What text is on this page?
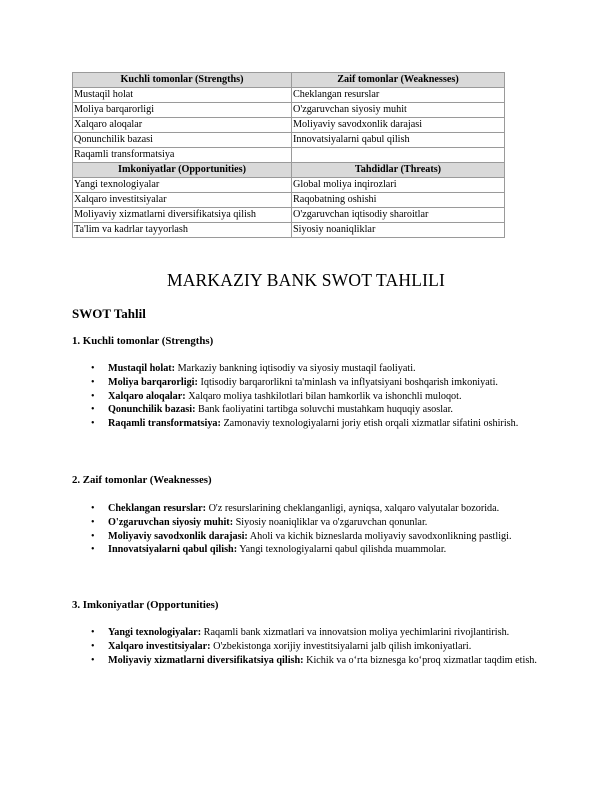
Kuchli tomonlar (Strengths)	Zaif tomonlar (Weaknesses)
Mustaqil holat	Cheklangan resurslar
Moliya barqarorligi	O'zgaruvchan siyosiy muhit
Xalqaro aloqalar	Moliyaviy savodxonlik darajasi
Qonunchilik bazasi	Innovatsiyalarni qabul qilish
Raqamli transformatsiya	
Imkoniyatlar (Opportunities)	Tahdidlar (Threats)
Yangi texnologiyalar	Global moliya inqirozlari
Xalqaro investitsiyalar	Raqobatning oshishi
Moliyaviy xizmatlarni diversifikatsiya qilish	O'zgaruvchan iqtisodiy sharoitlar
Ta'lim va kadrlar tayyorlash	Siyosiy noaniqliklar
MARKAZIY BANK SWOT TAHLILI
SWOT Tahlil
1. Kuchli tomonlar (Strengths)
• Mustaqil holat: Markaziy bankning iqtisodiy va siyosiy mustaqil faoliyati.
• Moliya barqarorligi: Iqtisodiy barqarorlikni ta'minlash va inflyatsiyani boshqarish imkoniyati.
• Xalqaro aloqalar: Xalqaro moliya tashkilotlari bilan hamkorlik va ishonchli muloqot.
• Qonunchilik bazasi: Bank faoliyatini tartibga soluvchi mustahkam huquqiy asoslar.
• Raqamli transformatsiya: Zamonaviy texnologiyalarni joriy etish orqali xizmatlar sifatini oshirish.
2. Zaif tomonlar (Weaknesses)
• Cheklangan resurslar: O'z resurslarining cheklanganligi, ayniqsa, xalqaro valyutalar bozorida.
• O'zgaruvchan siyosiy muhit: Siyosiy noaniqliklar va o'zgaruvchan qonunlar.
• Moliyaviy savodxonlik darajasi: Aholi va kichik bizneslarda moliyaviy savodxonlikning pastligi.
• Innovatsiyalarni qabul qilish: Yangi texnologiyalarni qabul qilishda muammolar.
3. Imkoniyatlar (Opportunities)
• Yangi texnologiyalar: Raqamli bank xizmatlari va innovatsion moliya yechimlarini rivojlantirish.
• Xalqaro investitsiyalar: O'zbekistonga xorijiy investitsiyalarni jalb qilish imkoniyatlari.
• Moliyaviy xizmatlarni diversifikatsiya qilish: Kichik va o‘rta biznesga ko‘proq xizmatlar taqdim etish.
